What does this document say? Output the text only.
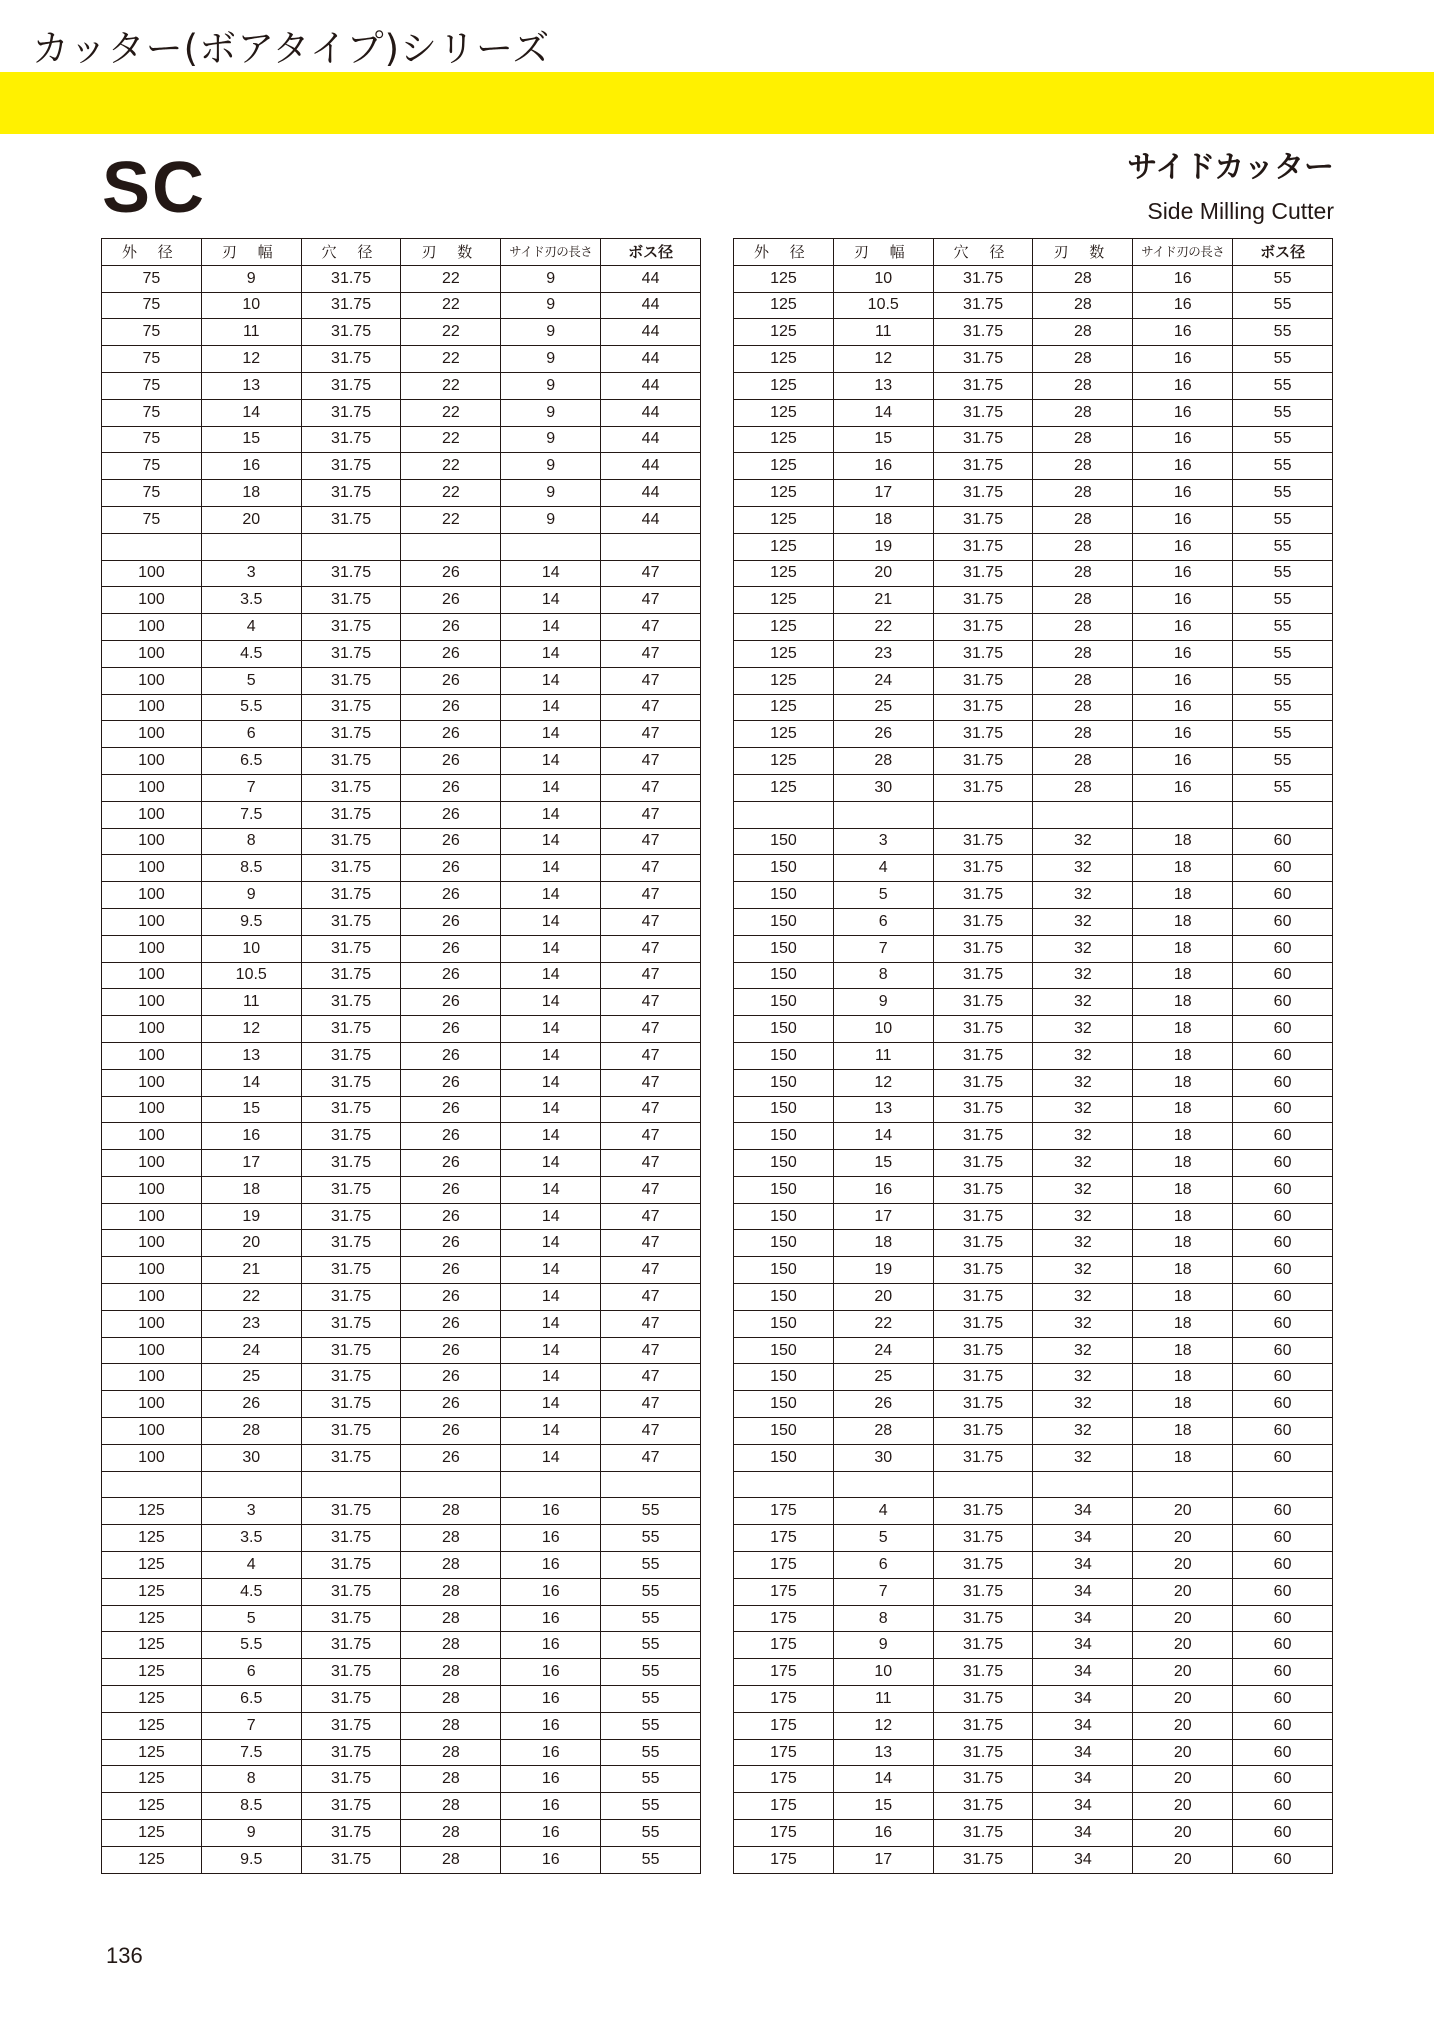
カッター(ボアタイプ)シリーズ
SC	サイドカッター
Side Milling Cutter
外 径	刃 幅	穴 径	刃 数	サイド刃の長さ	ボス径
75	9	31.75	22	9	44
75	10	31.75	22	9	44
75	11	31.75	22	9	44
75	12	31.75	22	9	44
75	13	31.75	22	9	44
75	14	31.75	22	9	44
75	15	31.75	22	9	44
75	16	31.75	22	9	44
75	18	31.75	22	9	44
75	20	31.75	22	9	44

100	3	31.75	26	14	47
100	3.5	31.75	26	14	47
100	4	31.75	26	14	47
100	4.5	31.75	26	14	47
100	5	31.75	26	14	47
100	5.5	31.75	26	14	47
100	6	31.75	26	14	47
100	6.5	31.75	26	14	47
100	7	31.75	26	14	47
100	7.5	31.75	26	14	47
100	8	31.75	26	14	47
100	8.5	31.75	26	14	47
100	9	31.75	26	14	47
100	9.5	31.75	26	14	47
100	10	31.75	26	14	47
100	10.5	31.75	26	14	47
100	11	31.75	26	14	47
100	12	31.75	26	14	47
100	13	31.75	26	14	47
100	14	31.75	26	14	47
100	15	31.75	26	14	47
100	16	31.75	26	14	47
100	17	31.75	26	14	47
100	18	31.75	26	14	47
100	19	31.75	26	14	47
100	20	31.75	26	14	47
100	21	31.75	26	14	47
100	22	31.75	26	14	47
100	23	31.75	26	14	47
100	24	31.75	26	14	47
100	25	31.75	26	14	47
100	26	31.75	26	14	47
100	28	31.75	26	14	47
100	30	31.75	26	14	47

125	3	31.75	28	16	55
125	3.5	31.75	28	16	55
125	4	31.75	28	16	55
125	4.5	31.75	28	16	55
125	5	31.75	28	16	55
125	5.5	31.75	28	16	55
125	6	31.75	28	16	55
125	6.5	31.75	28	16	55
125	7	31.75	28	16	55
125	7.5	31.75	28	16	55
125	8	31.75	28	16	55
125	8.5	31.75	28	16	55
125	9	31.75	28	16	55
125	9.5	31.75	28	16	55
外 径	刃 幅	穴 径	刃 数	サイド刃の長さ	ボス径
125	10	31.75	28	16	55
125	10.5	31.75	28	16	55
125	11	31.75	28	16	55
125	12	31.75	28	16	55
125	13	31.75	28	16	55
125	14	31.75	28	16	55
125	15	31.75	28	16	55
125	16	31.75	28	16	55
125	17	31.75	28	16	55
125	18	31.75	28	16	55
125	19	31.75	28	16	55
125	20	31.75	28	16	55
125	21	31.75	28	16	55
125	22	31.75	28	16	55
125	23	31.75	28	16	55
125	24	31.75	28	16	55
125	25	31.75	28	16	55
125	26	31.75	28	16	55
125	28	31.75	28	16	55
125	30	31.75	28	16	55

150	3	31.75	32	18	60
150	4	31.75	32	18	60
150	5	31.75	32	18	60
150	6	31.75	32	18	60
150	7	31.75	32	18	60
150	8	31.75	32	18	60
150	9	31.75	32	18	60
150	10	31.75	32	18	60
150	11	31.75	32	18	60
150	12	31.75	32	18	60
150	13	31.75	32	18	60
150	14	31.75	32	18	60
150	15	31.75	32	18	60
150	16	31.75	32	18	60
150	17	31.75	32	18	60
150	18	31.75	32	18	60
150	19	31.75	32	18	60
150	20	31.75	32	18	60
150	22	31.75	32	18	60
150	24	31.75	32	18	60
150	25	31.75	32	18	60
150	26	31.75	32	18	60
150	28	31.75	32	18	60
150	30	31.75	32	18	60

175	4	31.75	34	20	60
175	5	31.75	34	20	60
175	6	31.75	34	20	60
175	7	31.75	34	20	60
175	8	31.75	34	20	60
175	9	31.75	34	20	60
175	10	31.75	34	20	60
175	11	31.75	34	20	60
175	12	31.75	34	20	60
175	13	31.75	34	20	60
175	14	31.75	34	20	60
175	15	31.75	34	20	60
175	16	31.75	34	20	60
175	17	31.75	34	20	60
136
